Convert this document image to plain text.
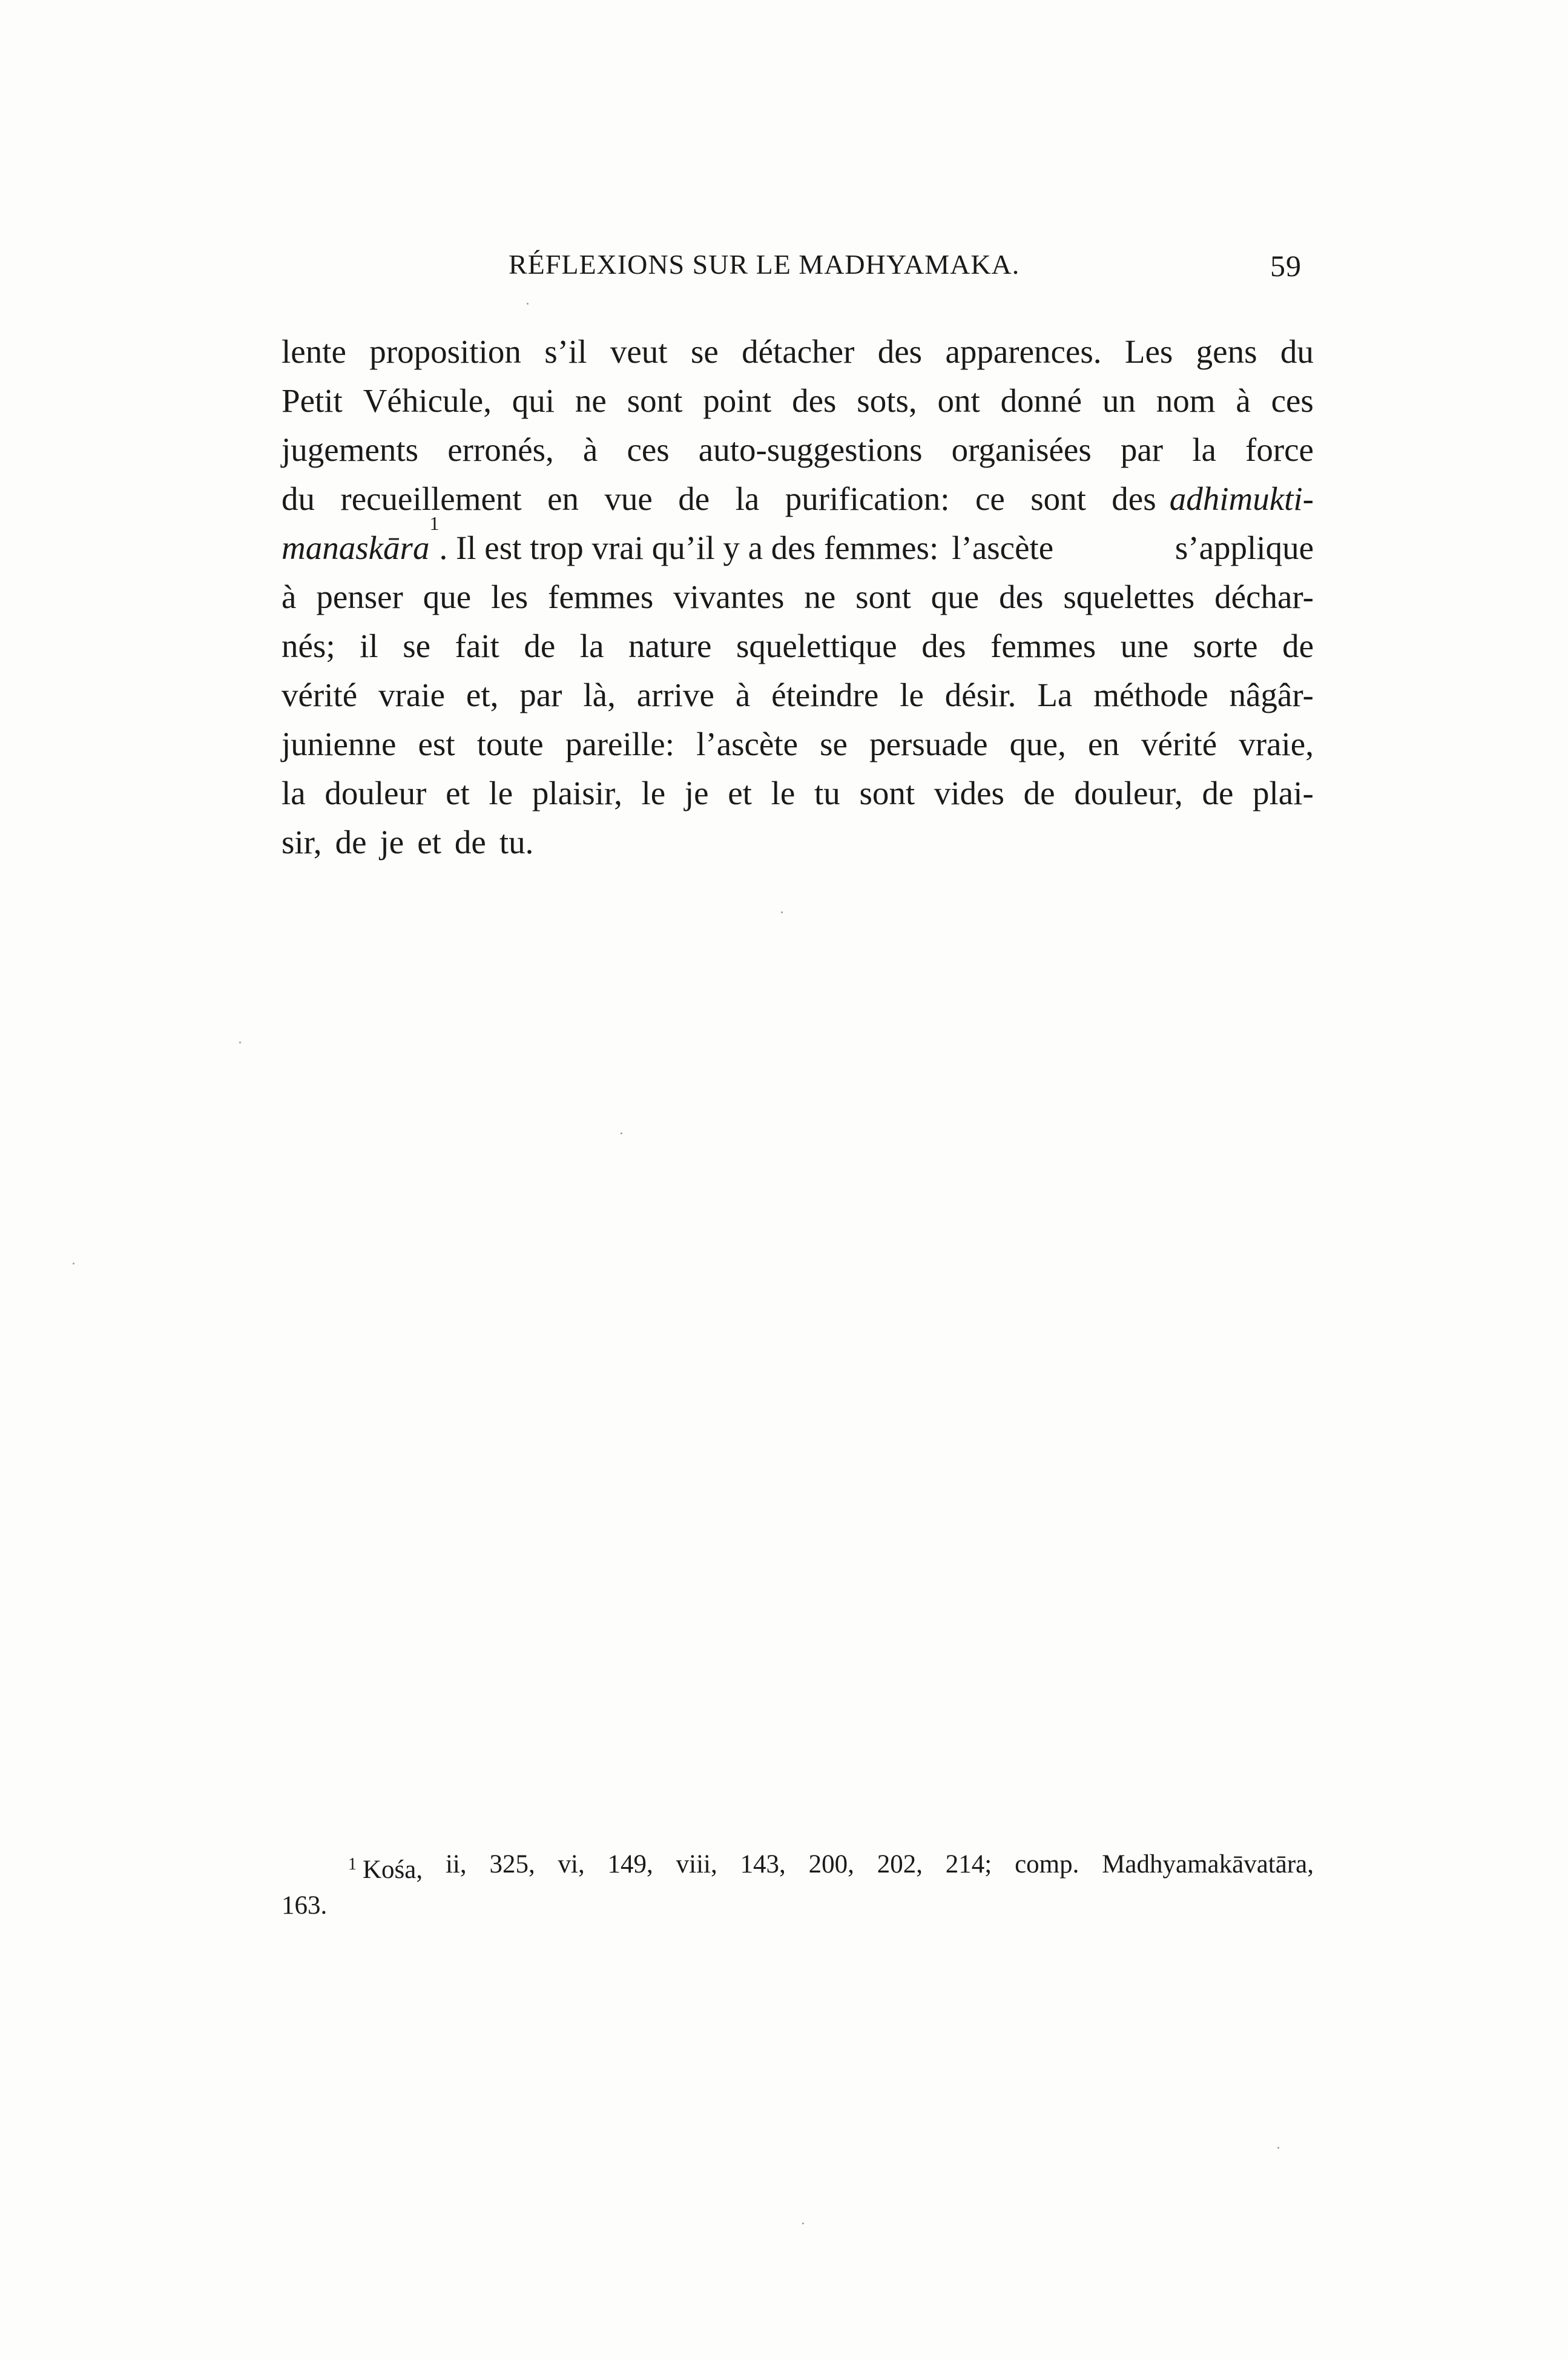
RÉFLEXIONS SUR LE MADHYAMAKA.	59
lente proposition s’il veut se détacher des apparences. Les gens du
Petit Véhicule, qui ne sont point des sots, ont donné un nom à ces
jugements erronés, à ces auto-suggestions organisées par la force
du recueillement en vue de la purification: ce sont des adhimukti-
manaskāra
1
. Il est trop vrai qu’il y a des femmes: l’ascète	s’applique
à penser que les femmes vivantes ne sont que des squelettes déchar-
nés; il se fait de la nature squelettique des femmes une sorte de
vérité vraie et, par là, arrive à éteindre le désir. La méthode nâgâr-
junienne est toute pareille: l’ascète se persuade que, en vérité vraie,
la douleur et le plaisir, le je et le tu sont vides de douleur, de plai-
sir, de je et de tu.
$^1$ Kośa, ii, 325, vi, 149, viii, 143, 200, 202, 214; comp. Madhyamakāvatāra,
163.
